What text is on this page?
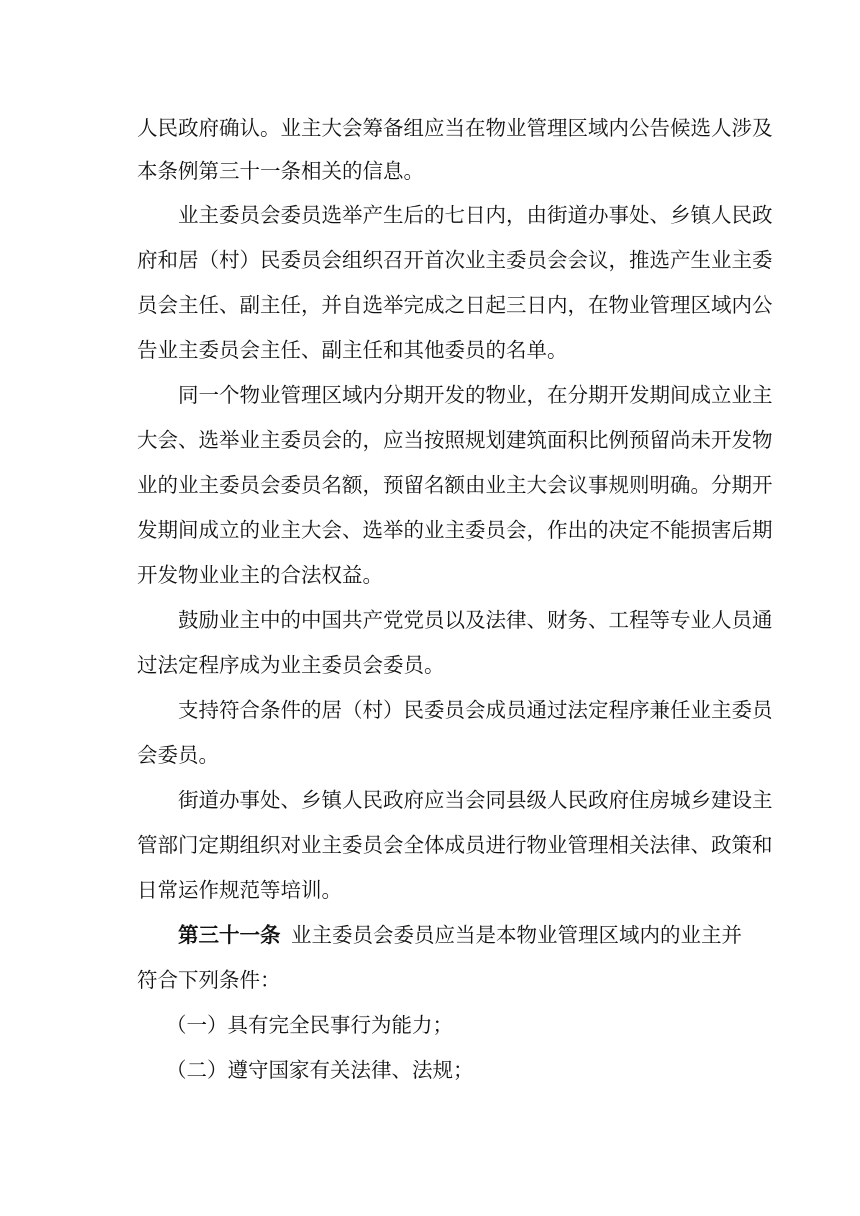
人民政府确认。业主大会筹备组应当在物业管理区域内公告候选人涉及
本条例第三十一条相关的信息。
业主委员会委员选举产生后的七日内，由街道办事处、乡镇人民政
府和居（村）民委员会组织召开首次业主委员会会议，推选产生业主委
员会主任、副主任，并自选举完成之日起三日内，在物业管理区域内公
告业主委员会主任、副主任和其他委员的名单。
同一个物业管理区域内分期开发的物业，在分期开发期间成立业主
大会、选举业主委员会的，应当按照规划建筑面积比例预留尚未开发物
业的业主委员会委员名额，预留名额由业主大会议事规则明确。分期开
发期间成立的业主大会、选举的业主委员会，作出的决定不能损害后期
开发物业业主的合法权益。
鼓励业主中的中国共产党党员以及法律、财务、工程等专业人员通
过法定程序成为业主委员会委员。
支持符合条件的居（村）民委员会成员通过法定程序兼任业主委员
会委员。
街道办事处、乡镇人民政府应当会同县级人民政府住房城乡建设主
管部门定期组织对业主委员会全体成员进行物业管理相关法律、政策和
日常运作规范等培训。
第三十一条 业主委员会委员应当是本物业管理区域内的业主并
符合下列条件：
（一）具有完全民事行为能力；
（二）遵守国家有关法律、法规；
